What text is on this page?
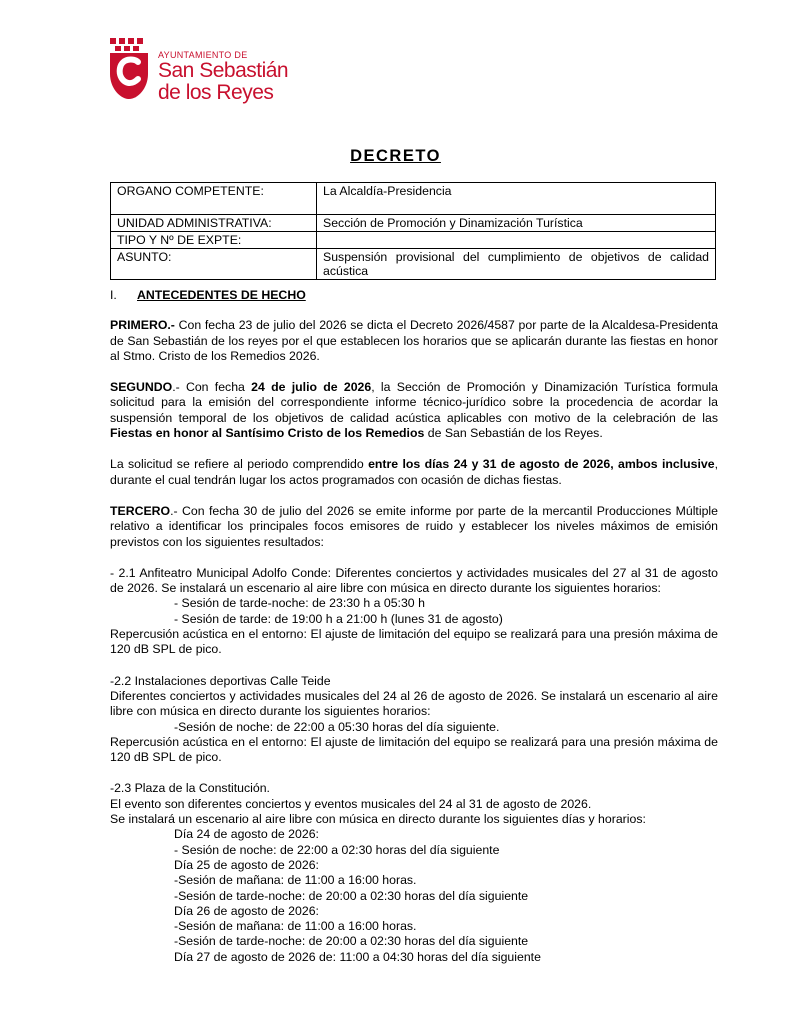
AYUNTAMIENTO DE
San Sebastián
de los Reyes
DECRETO
ORGANO COMPETENTE:	La Alcaldía-Presidencia
UNIDAD ADMINISTRATIVA:	Sección de Promoción y Dinamización Turística
TIPO Y Nº DE EXPTE:	
ASUNTO:	Suspensión provisional del cumplimiento de objetivos de calidad acústica

I. ANTECEDENTES DE HECHO

PRIMERO.- Con fecha 23 de julio del 2026 se dicta el Decreto 2026/4587 por parte de la Alcaldesa-Presidenta de San Sebastián de los reyes por el que establecen los horarios que se aplicarán durante las fiestas en honor al Stmo. Cristo de los Remedios 2026.

SEGUNDO.- Con fecha 24 de julio de 2026, la Sección de Promoción y Dinamización Turística formula solicitud para la emisión del correspondiente informe técnico-jurídico sobre la procedencia de acordar la suspensión temporal de los objetivos de calidad acústica aplicables con motivo de la celebración de las Fiestas en honor al Santísimo Cristo de los Remedios de San Sebastián de los Reyes.

La solicitud se refiere al periodo comprendido entre los días 24 y 31 de agosto de 2026, ambos inclusive, durante el cual tendrán lugar los actos programados con ocasión de dichas fiestas.

TERCERO.- Con fecha 30 de julio del 2026 se emite informe por parte de la mercantil Producciones Múltiple relativo a identificar los principales focos emisores de ruido y establecer los niveles máximos de emisión previstos con los siguientes resultados:

- 2.1 Anfiteatro Municipal Adolfo Conde: Diferentes conciertos y actividades musicales del 27 al 31 de agosto de 2026. Se instalará un escenario al aire libre con música en directo durante los siguientes horarios:

- Sesión de tarde-noche: de 23:30 h a 05:30 h

- Sesión de tarde: de 19:00 h a 21:00 h (lunes 31 de agosto)

Repercusión acústica en el entorno: El ajuste de limitación del equipo se realizará para una presión máxima de 120 dB SPL de pico.

-2.2 Instalaciones deportivas Calle Teide

Diferentes conciertos y actividades musicales del 24 al 26 de agosto de 2026. Se instalará un escenario al aire libre con música en directo durante los siguientes horarios:

-Sesión de noche: de 22:00 a 05:30 horas del día siguiente.

Repercusión acústica en el entorno: El ajuste de limitación del equipo se realizará para una presión máxima de 120 dB SPL de pico.

-2.3 Plaza de la Constitución.

El evento son diferentes conciertos y eventos musicales del 24 al 31 de agosto de 2026.

Se instalará un escenario al aire libre con música en directo durante los siguientes días y horarios:

Día 24 de agosto de 2026:

- Sesión de noche: de 22:00 a 02:30 horas del día siguiente

Día 25 de agosto de 2026:

-Sesión de mañana: de 11:00 a 16:00 horas.

-Sesión de tarde-noche: de 20:00 a 02:30 horas del día siguiente

Día 26 de agosto de 2026:

-Sesión de mañana: de 11:00 a 16:00 horas.

-Sesión de tarde-noche: de 20:00 a 02:30 horas del día siguiente

Día 27 de agosto de 2026 de: 11:00 a 04:30 horas del día siguiente
